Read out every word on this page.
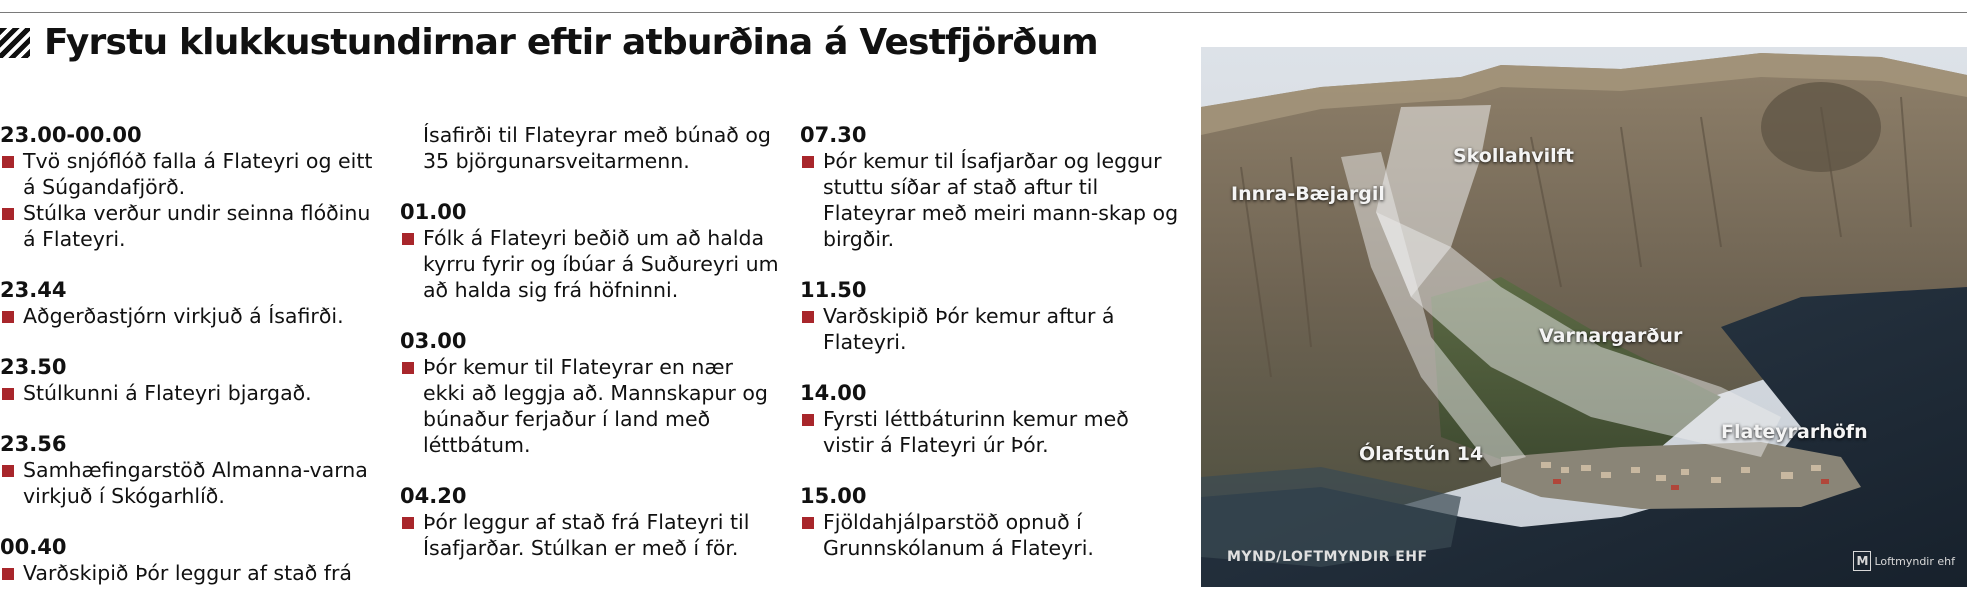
Fyrstu klukkustundirnar eftir atburðina á Vestfjörðum
23.00-00.00
Tvö snjóflóð falla á Flateyri og eitt á Súgandafjörð.
Stúlka verður undir seinna flóðinu á Flateyri.
23.44
Aðgerðastjórn virkjuð á Ísafirði.
23.50
Stúlkunni á Flateyri bjargað.
23.56
Samhæfingarstöð Almanna-varna virkjuð í Skógarhlíð.
00.40
Varðskipið Þór leggur af stað frá
Ísafirði til Flateyrar með búnað og 35 björgunarsveitarmenn.
01.00
Fólk á Flateyri beðið um að halda kyrru fyrir og íbúar á Suðureyri um að halda sig frá höfninni.
03.00
Þór kemur til Flateyrar en nær ekki að leggja að. Mannskapur og búnaður ferjaður í land með léttbátum.
04.20
Þór leggur af stað frá Flateyri til Ísafjarðar. Stúlkan er með í för.
07.30
Þór kemur til Ísafjarðar og leggur stuttu síðar af stað aftur til Flateyrar með meiri mann-skap og birgðir.
11.50
Varðskipið Þór kemur aftur á Flateyri.
14.00
Fyrsti léttbáturinn kemur með vistir á Flateyri úr Þór.
15.00
Fjöldahjálparstöð opnuð í Grunnskólanum á Flateyri.
Skollahvilft
Innra-Bæjargil
Varnargarður
Flateyrarhöfn
Ólafstún 14
MYND/LOFTMYNDIR EHF	M Loftmyndir ehf
